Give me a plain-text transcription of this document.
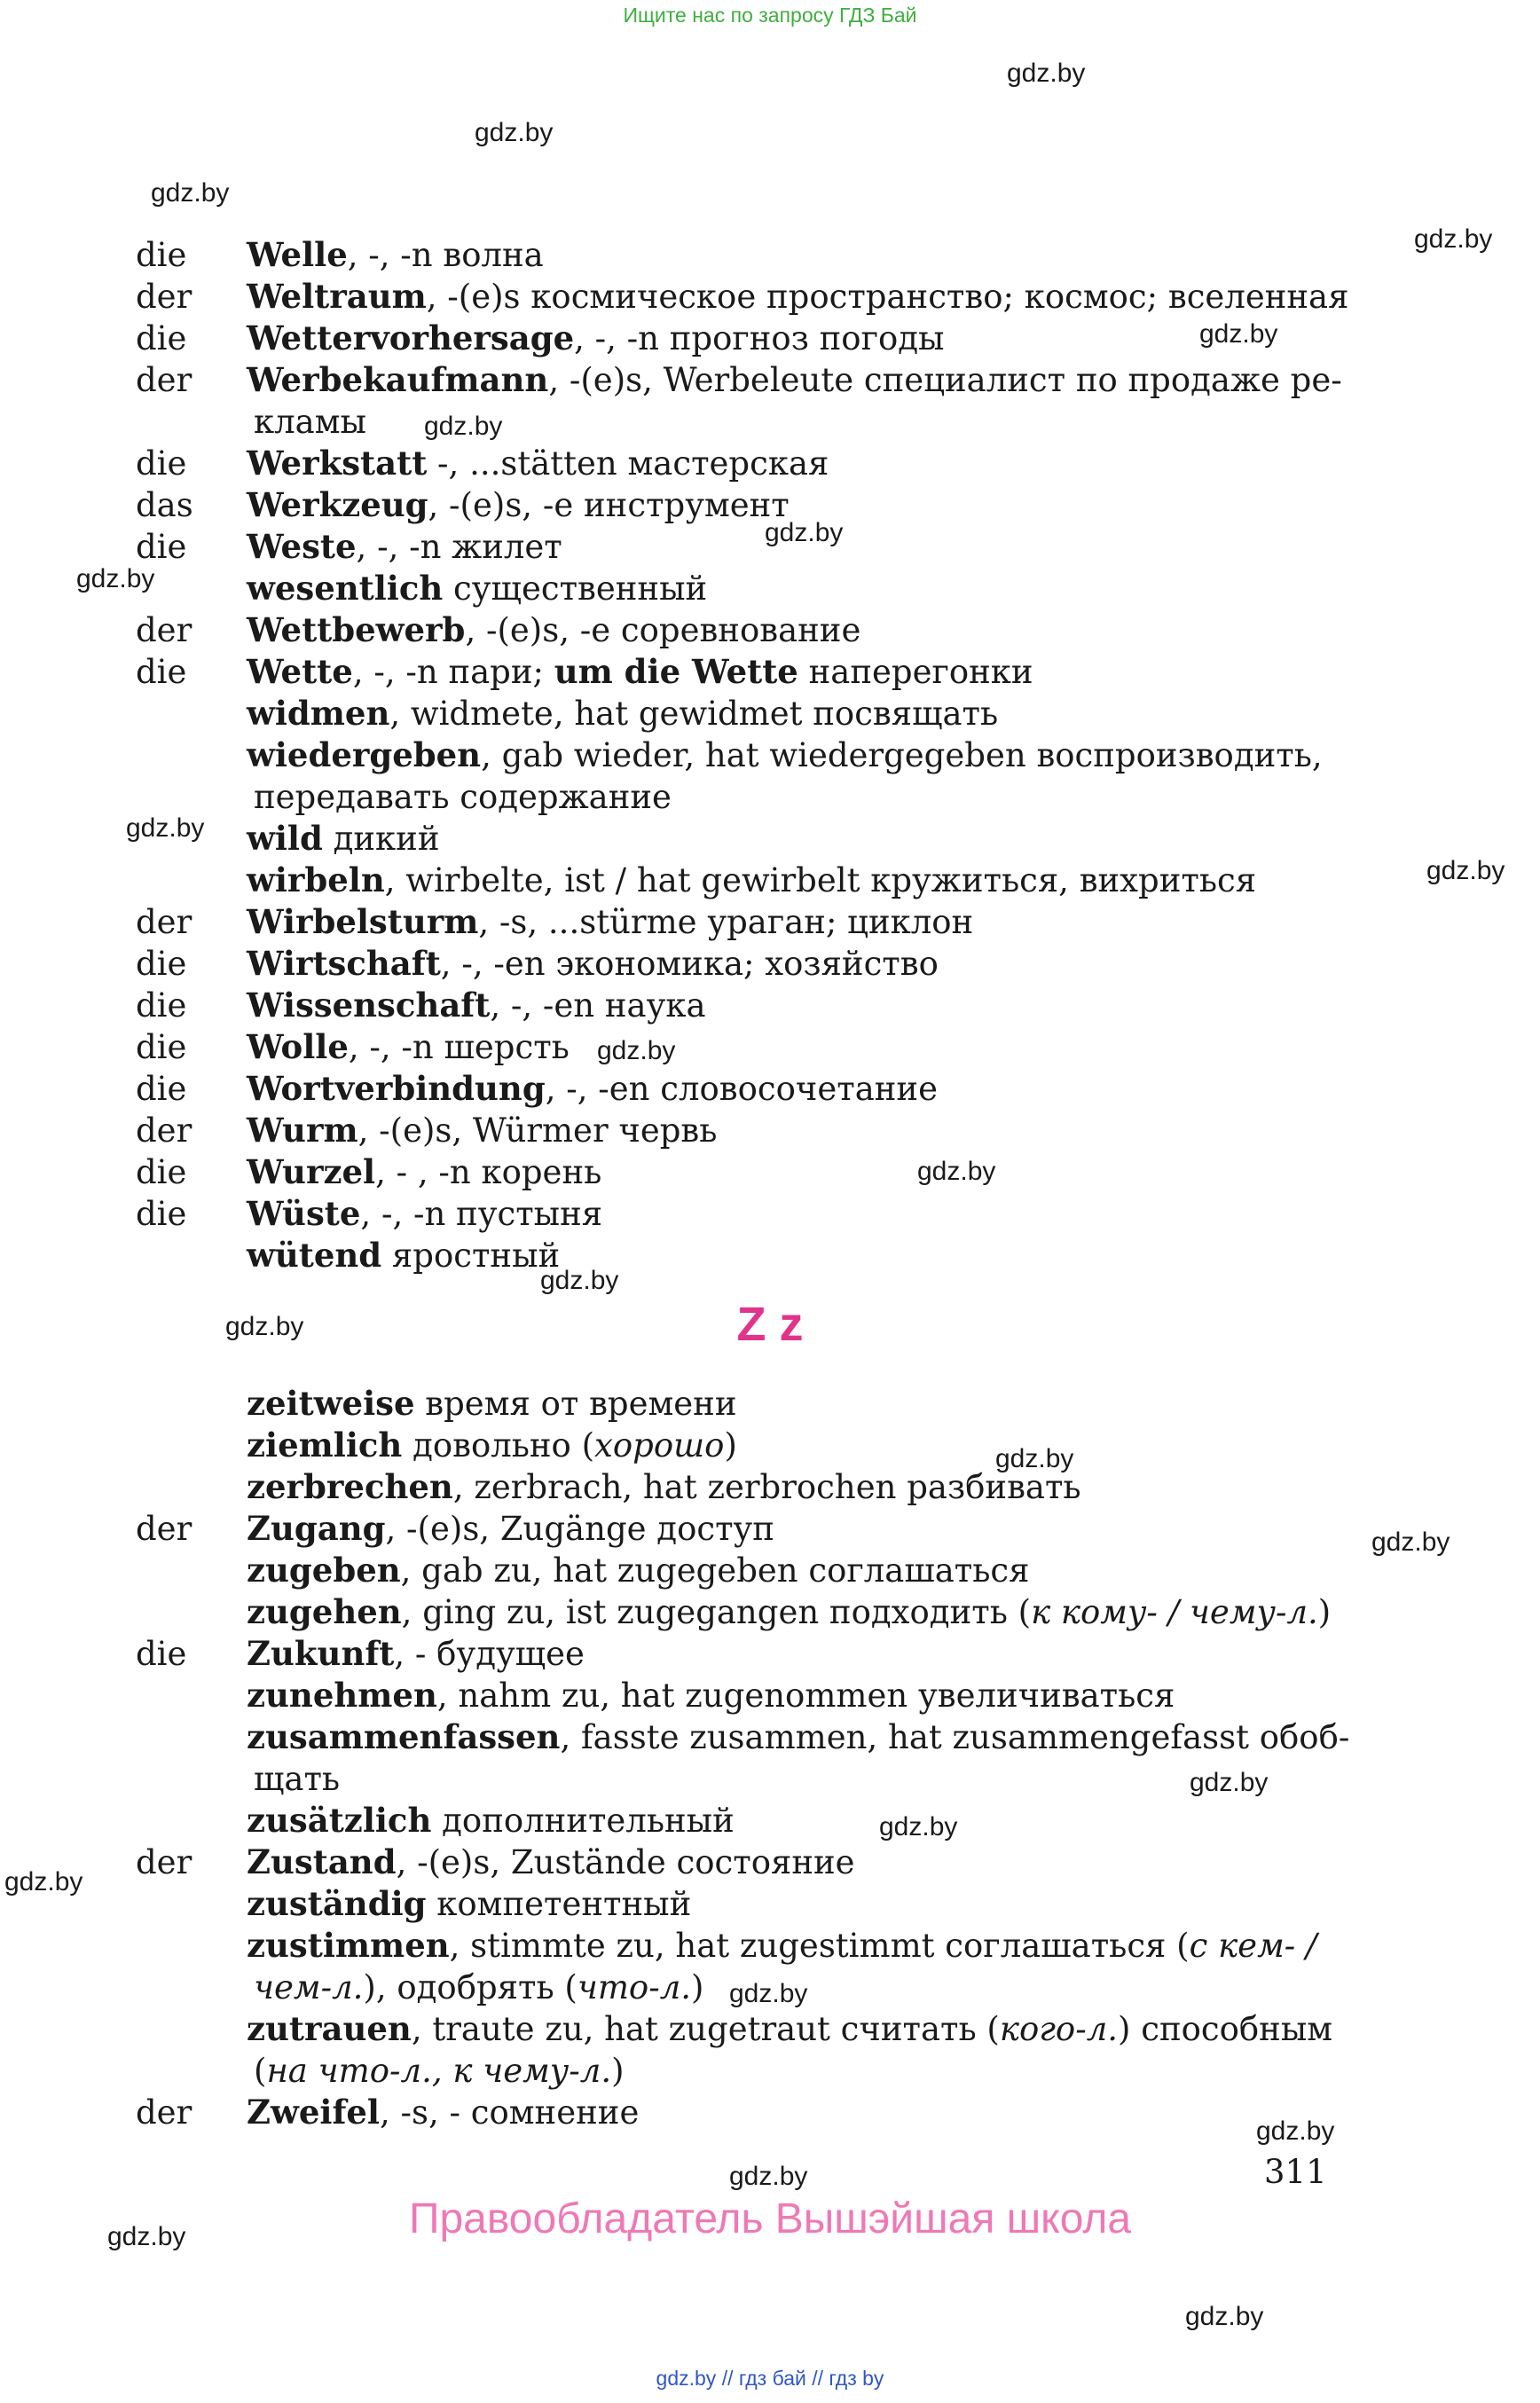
Ищите нас по запросу ГДЗ Бай
die Welle, -, -n волна
der Weltraum, -(e)s космическое пространство; космос; вселенная
die Wettervorhersage, -, -n прогноз погоды
der Werbekaufmann, -(e)s, Werbeleute специалист по продаже ре-
кламы
die Werkstatt -, ...stätten мастерская
das Werkzeug, -(e)s, -e инструмент
die Weste, -, -n жилет
wesentlich существенный
der Wettbewerb, -(e)s, -e соревнование
die Wette, -, -n пари; um die Wette наперегонки
widmen, widmete, hat gewidmet посвящать
wiedergeben, gab wieder, hat wiedergegeben воспроизводить,
передавать содержание
wild дикий
wirbeln, wirbelte, ist / hat gewirbelt кружиться, вихриться
der Wirbelsturm, -s, ...stürme ураган; циклон
die Wirtschaft, -, -en экономика; хозяйство
die Wissenschaft, -, -en наука
die Wolle, -, -n шерсть
die Wortverbindung, -, -en словосочетание
der Wurm, -(e)s, Würmer червь
die Wurzel, - , -n корень
die Wüste, -, -n пустыня
wütend яростный
Z z
zeitweise время от времени
ziemlich довольно (хорошо)
zerbrechen, zerbrach, hat zerbrochen разбивать
der Zugang, -(e)s, Zugänge доступ
zugeben, gab zu, hat zugegeben соглашаться
zugehen, ging zu, ist zugegangen подходить (к кому- / чему-л.)
die Zukunft, - будущее
zunehmen, nahm zu, hat zugenommen увеличиваться
zusammenfassen, fasste zusammen, hat zusammengefasst обоб-
щать
zusätzlich дополнительный
der Zustand, -(e)s, Zustände состояние
zuständig компетентный
zustimmen, stimmte zu, hat zugestimmt соглашаться (с кем- /
чем-л.), одобрять (что-л.)
zutrauen, traute zu, hat zugetraut считать (кого-л.) способным
(на что-л., к чему-л.)
der Zweifel, -s, - сомнение
311
Правообладатель Вышэйшая школа
gdz.by // гдз бай // гдз by
gdz.by
gdz.by
gdz.by
gdz.by
gdz.by
gdz.by
gdz.by
gdz.by
gdz.by
gdz.by
gdz.by
gdz.by
gdz.by
gdz.by
gdz.by
gdz.by
gdz.by
gdz.by
gdz.by
gdz.by
gdz.by
gdz.by
gdz.by
gdz.by
